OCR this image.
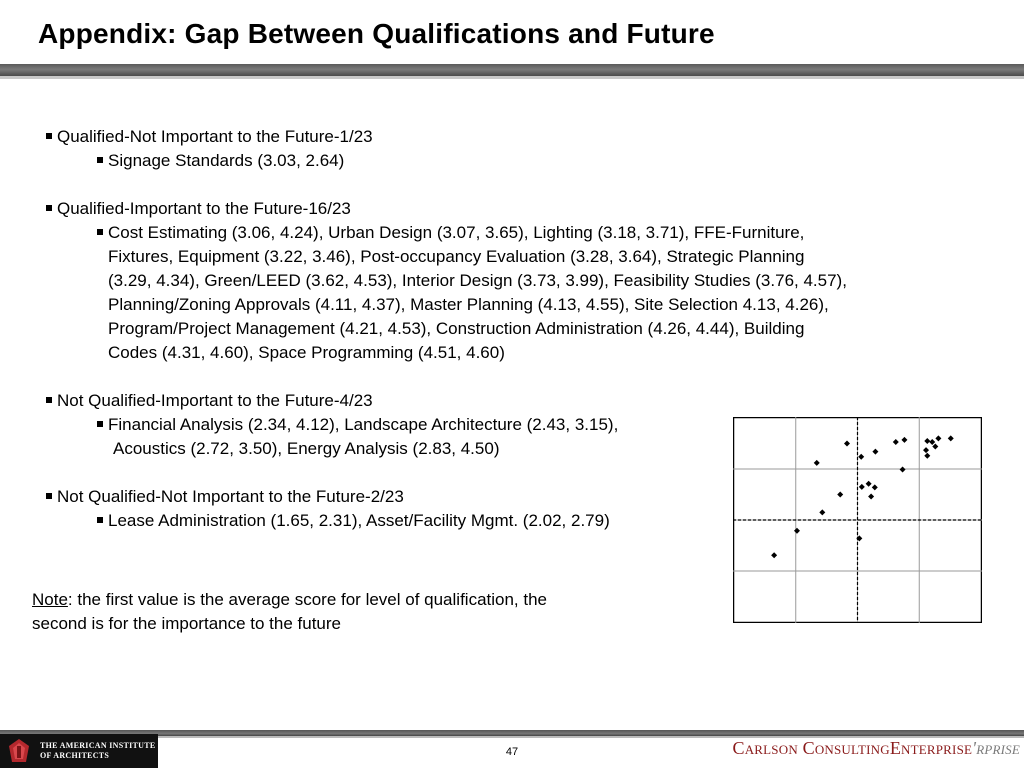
Appendix: Gap Between Qualifications and Future
Qualified-Not Important to the Future-1/23
Signage Standards (3.03, 2.64)
Qualified-Important to the Future-16/23
Cost Estimating (3.06, 4.24), Urban Design (3.07, 3.65), Lighting (3.18, 3.71), FFE-Furniture,
Fixtures, Equipment (3.22, 3.46), Post-occupancy Evaluation (3.28, 3.64), Strategic Planning
(3.29, 4.34), Green/LEED (3.62, 4.53), Interior Design (3.73, 3.99), Feasibility Studies (3.76, 4.57),
Planning/Zoning Approvals (4.11, 4.37), Master Planning (4.13, 4.55), Site Selection 4.13, 4.26),
Program/Project Management (4.21, 4.53), Construction Administration (4.26, 4.44), Building
Codes (4.31, 4.60), Space Programming (4.51, 4.60)
Not Qualified-Important to the Future-4/23
Financial Analysis (2.34, 4.12), Landscape Architecture (2.43, 3.15),
Acoustics (2.72, 3.50), Energy Analysis (2.83, 4.50)
Not Qualified-Not Important to the Future-2/23
Lease Administration (1.65, 2.31), Asset/Facility Mgmt. (2.02, 2.79)
Note: the first value is the average score for level of qualification, the
second is for the importance to the future
THE AMERICAN INSTITUTE
OF ARCHITECTS	47	Carlson ConsultingEnterprise'rprise
